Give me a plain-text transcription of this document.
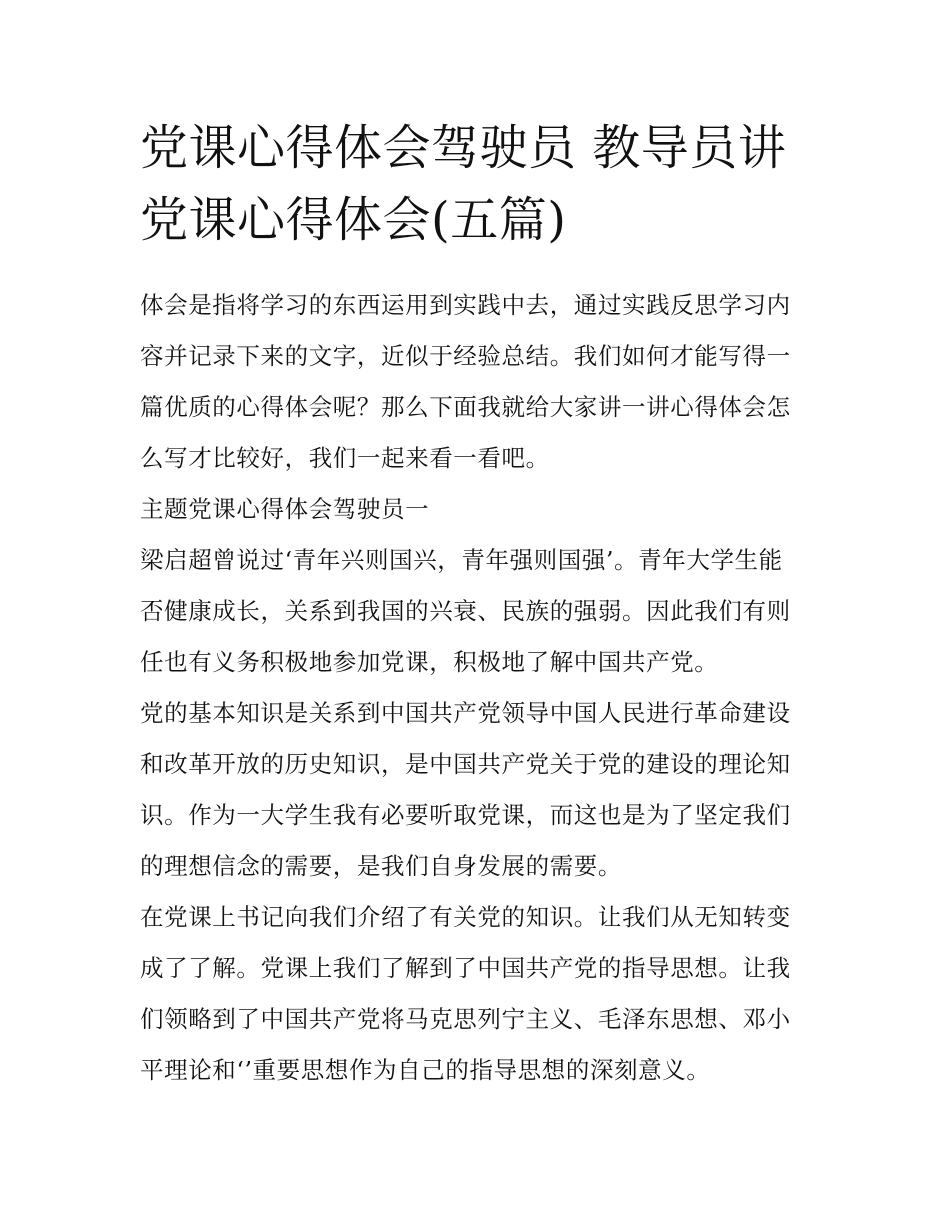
党课心得体会驾驶员 教导员讲
党课心得体会(五篇)
体会是指将学习的东西运用到实践中去，通过实践反思学习内
容并记录下来的文字，近似于经验总结。我们如何才能写得一
篇优质的心得体会呢？那么下面我就给大家讲一讲心得体会怎
么写才比较好，我们一起来看一看吧。
主题党课心得体会驾驶员一
梁启超曾说过‘青年兴则国兴，青年强则国强’。青年大学生能
否健康成长，关系到我国的兴衰、民族的强弱。因此我们有则
任也有义务积极地参加党课，积极地了解中国共产党。
党的基本知识是关系到中国共产党领导中国人民进行革命建设
和改革开放的历史知识，是中国共产党关于党的建设的理论知
识。作为一大学生我有必要听取党课，而这也是为了坚定我们
的理想信念的需要，是我们自身发展的需要。
在党课上书记向我们介绍了有关党的知识。让我们从无知转变
成了了解。党课上我们了解到了中国共产党的指导思想。让我
们领略到了中国共产党将马克思列宁主义、毛泽东思想、邓小
平理论和‘’重要思想作为自己的指导思想的深刻意义。
